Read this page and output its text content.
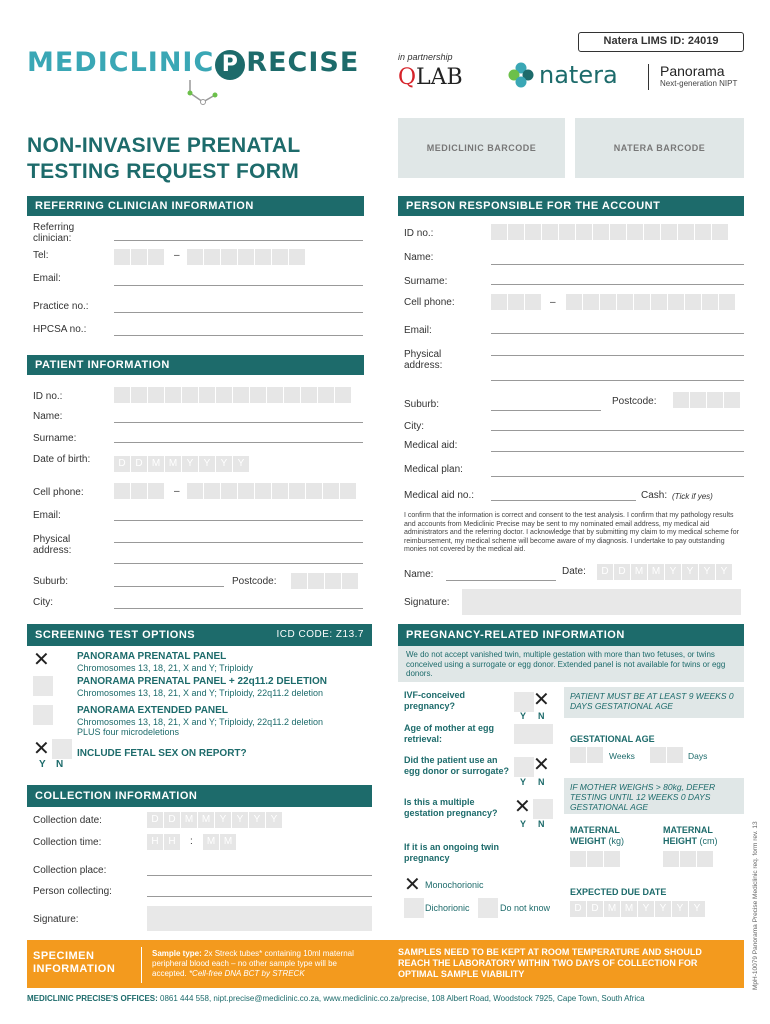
Natera LIMS ID: 24019
MEDICLINIC P RECISE	in partnership
QLAB	natera	Panorama
Next-generation NIPT
NON-INVASIVE PRENATAL
TESTING REQUEST FORM
MEDICLINIC BARCODE	NATERA BARCODE
REFERRING CLINICIAN INFORMATION
Referring clinician:
Tel:	–
Email:
Practice no.:
HPCSA no.:
PATIENT INFORMATION
ID no.:
Name:
Surname:
Date of birth:	D D M M Y	Y	Y	Y
Cell phone:	–
Email:
Physical address:
Suburb:	Postcode:
City:
PERSON RESPONSIBLE FOR THE ACCOUNT
ID no.:
Name:
Surname:
Cell phone:	–
Email:
Physical address:
Suburb:	Postcode:
City:
Medical aid:
Medical plan:
Medical aid no.:	Cash: (Tick if yes)
I confirm that the information is correct and consent to the test analysis. I confirm that my pathology results and accounts from Mediclinic Precise may be sent to my nominated email address, my medical aid administrators and the referring doctor. I acknowledge that by submitting my claim to my medical scheme for reimbursement, my medical scheme will become aware of my diagnosis. I undertake to pay outstanding monies not covered by the medical aid.
Name:	Date:	D D M M Y	Y	Y	Y
Signature:
SCREENING TEST OPTIONS	ICD CODE: Z13.7
✕	PANORAMA PRENATAL PANEL
Chromosomes 13, 18, 21, X and Y; Triploidy
PANORAMA PRENATAL PANEL + 22q11.2 DELETION
Chromosomes 13, 18, 21, X and Y; Triploidy, 22q11.2 deletion
PANORAMA EXTENDED PANEL
Chromosomes 13, 18, 21, X and Y; Triploidy, 22q11.2 deletion
PLUS four microdeletions
✕
Y N
INCLUDE FETAL SEX ON REPORT?
COLLECTION INFORMATION
Collection date:	D D M M Y	Y	Y	Y
Collection time:	H H	:	M M
Collection place:
Person collecting:
Signature:
PREGNANCY-RELATED INFORMATION
We do not accept vanished twin, multiple gestation with more than two fetuses, or twins conceived using a surrogate or egg donor. Extended panel is not available for twins or egg donors.
IVF-conceived pregnancy?	✕
Y N
Age of mother at egg retrieval:
Did the patient use an egg donor or surrogate? ✕
Y N
Is this a multiple gestation pregnancy? ✕
Y N
If it is an ongoing twin pregnancy
✕ Monochorionic
Dichorionic	Do not know
PATIENT MUST BE AT LEAST 9 WEEKS 0 DAYS GESTATIONAL AGE
GESTATIONAL AGE
Weeks	Days
IF MOTHER WEIGHS > 80kg, DEFER TESTING UNTIL 12 WEEKS 0 DAYS GESTATIONAL AGE
MATERNAL WEIGHT (kg)
MATERNAL HEIGHT (cm)
EXPECTED DUE DATE
D D M M Y	Y	Y	Y	MpH-10079 Panorama Precise Mediclinic req. form rev. 13
SPECIMEN INFORMATION
Sample type: 2x Streck tubes* containing 10ml maternal peripheral blood each – no other sample type will be accepted. *Cell-free DNA BCT by STRECK
SAMPLES NEED TO BE KEPT AT ROOM TEMPERATURE AND SHOULD REACH THE LABORATORY WITHIN TWO DAYS OF COLLECTION FOR OPTIMAL SAMPLE VIABILITY
MEDICLINIC PRECISE'S OFFICES: 0861 444 558, nipt.precise@mediclinic.co.za, www.mediclinic.co.za/precise, 108 Albert Road, Woodstock 7925, Cape Town, South Africa
